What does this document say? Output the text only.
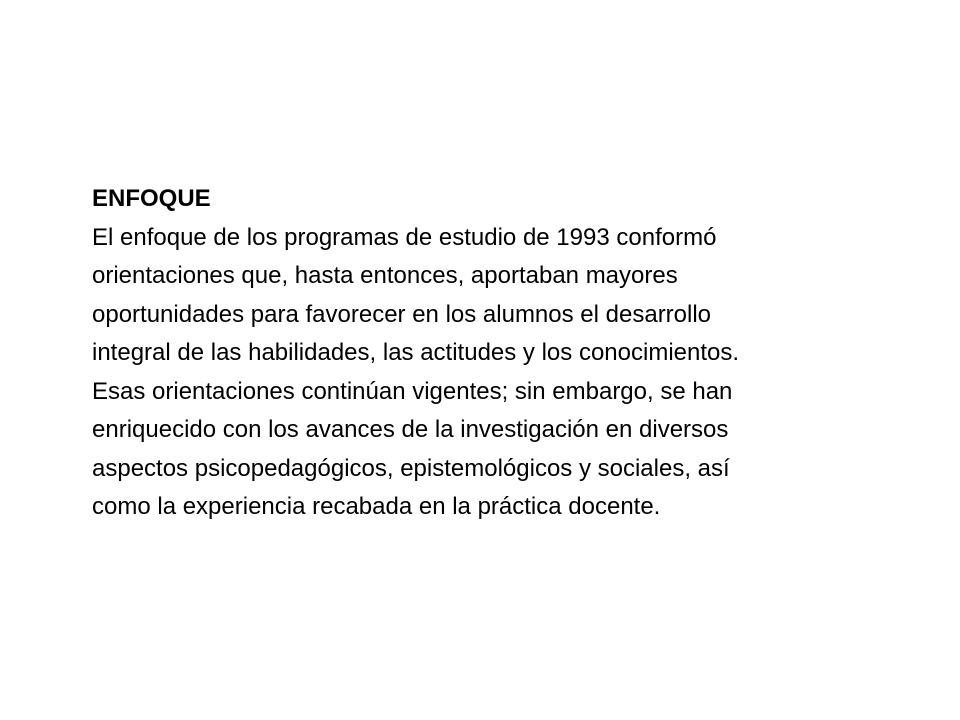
ENFOQUE
El enfoque de los programas de estudio de 1993 conformó
orientaciones que, hasta entonces, aportaban mayores
oportunidades para favorecer en los alumnos el desarrollo
integral de las habilidades, las actitudes y los conocimientos.
Esas orientaciones continúan vigentes; sin embargo, se han
enriquecido con los avances de la investigación en diversos
aspectos psicopedagógicos, epistemológicos y sociales, así
como la experiencia recabada en la práctica docente.
